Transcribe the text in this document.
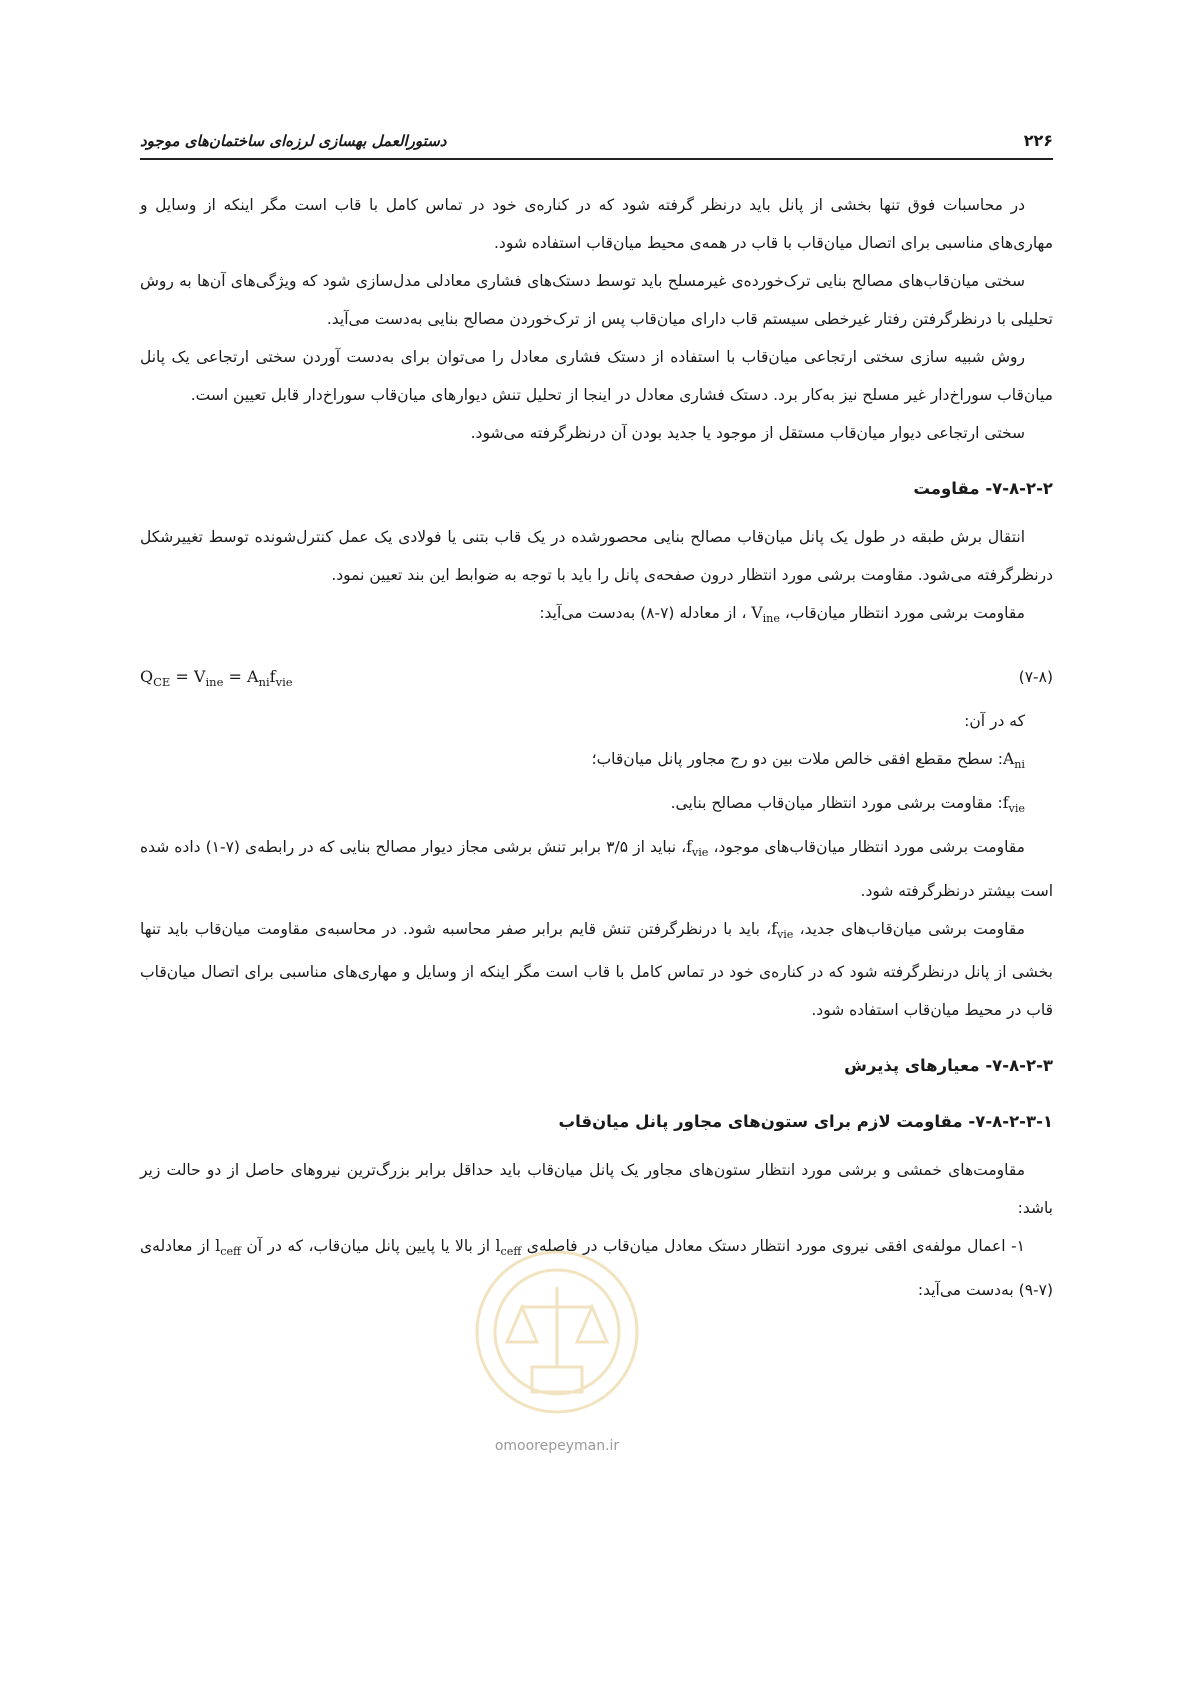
دستورالعمل بهسازی لرزه‌ای ساختمان‌های موجود	۲۲۶

در محاسبات فوق تنها بخشی از پانل باید درنظر گرفته شود که در کناره‌ی خود در تماس کامل با قاب است مگر اینکه از وسایل و مهاری‌های مناسبی برای اتصال میان‌قاب با قاب در همه‌ی محیط میان‌قاب استفاده شود.

سختی میان‌قاب‌های مصالح بنایی ترک‌خورده‌ی غیرمسلح باید توسط دستک‌های فشاری معادلی مدل‌سازی شود که ویژگی‌های آن‌ها به روش تحلیلی با درنظرگرفتن رفتار غیرخطی سیستم قاب دارای میان‌قاب پس از ترک‌خوردن مصالح بنایی به‌دست می‌آید.

روش شبیه سازی سختی ارتجاعی میان‌قاب با استفاده از دستک فشاری معادل را می‌توان برای به‌دست آوردن سختی ارتجاعی یک پانل میان‌قاب سوراخ‌دار غیر مسلح نیز به‌کار برد. دستک فشاری معادل در اینجا از تحلیل تنش دیوارهای میان‌قاب سوراخ‌دار قابل تعیین است.

سختی ارتجاعی دیوار میان‌قاب مستقل از موجود یا جدید بودن آن درنظرگرفته می‌شود.

۷-۸-۲-۲- مقاومت

انتقال برش طبقه در طول یک پانل میان‌قاب مصالح بنایی محصورشده در یک قاب بتنی یا فولادی یک عمل کنترل‌شونده توسط تغییرشکل درنظرگرفته می‌شود. مقاومت برشی مورد انتظار درون صفحه‌ی پانل را باید با توجه به ضوابط این بند تعیین نمود.

مقاومت برشی مورد انتظار میان‌قاب، $V_{ine}$ ، از معادله (۷-۸) به‌دست می‌آید:

(۷-۸)
$Q_{CE} = V_{ine} = A_{ni}f_{vie}$

که در آن:

$A_{ni}$: سطح مقطع افقی خالص ملات بین دو رج مجاور پانل میان‌قاب؛

$f_{vie}$: مقاومت برشی مورد انتظار میان‌قاب مصالح بنایی.

مقاومت برشی مورد انتظار میان‌قاب‌های موجود، $f_{vie}،$ نباید از ۳/۵ برابر تنش برشی مجاز دیوار مصالح بنایی که در رابطه‌ی (۷-۱) داده شده است بیشتر درنظرگرفته شود.

مقاومت برشی میان‌قاب‌های جدید، $f_{vie}،$ باید با درنظرگرفتن تنش قایم برابر صفر محاسبه شود. در محاسبه‌ی مقاومت میان‌قاب باید تنها بخشی از پانل درنظرگرفته شود که در کناره‌ی خود در تماس کامل با قاب است مگر اینکه از وسایل و مهاری‌های مناسبی برای اتصال میان‌قاب قاب در محیط میان‌قاب استفاده شود.

۷-۸-۲-۳- معیارهای پذیرش
۷-۸-۲-۳-۱- مقاومت لازم برای ستون‌های مجاور پانل میان‌قاب

مقاومت‌های خمشی و برشی مورد انتظار ستون‌های مجاور یک پانل میان‌قاب باید حداقل برابر بزرگ‌ترین نیروهای حاصل از دو حالت زیر باشد:

۱- اعمال مولفه‌ی افقی نیروی مورد انتظار دستک معادل میان‌قاب در فاصله‌ی $l_{ceff}$ از بالا یا پایین پانل میان‌قاب، که در آن $l_{ceff}$ از معادله‌ی (۷-۹) به‌دست می‌آید:

omoorepeyman.ir
